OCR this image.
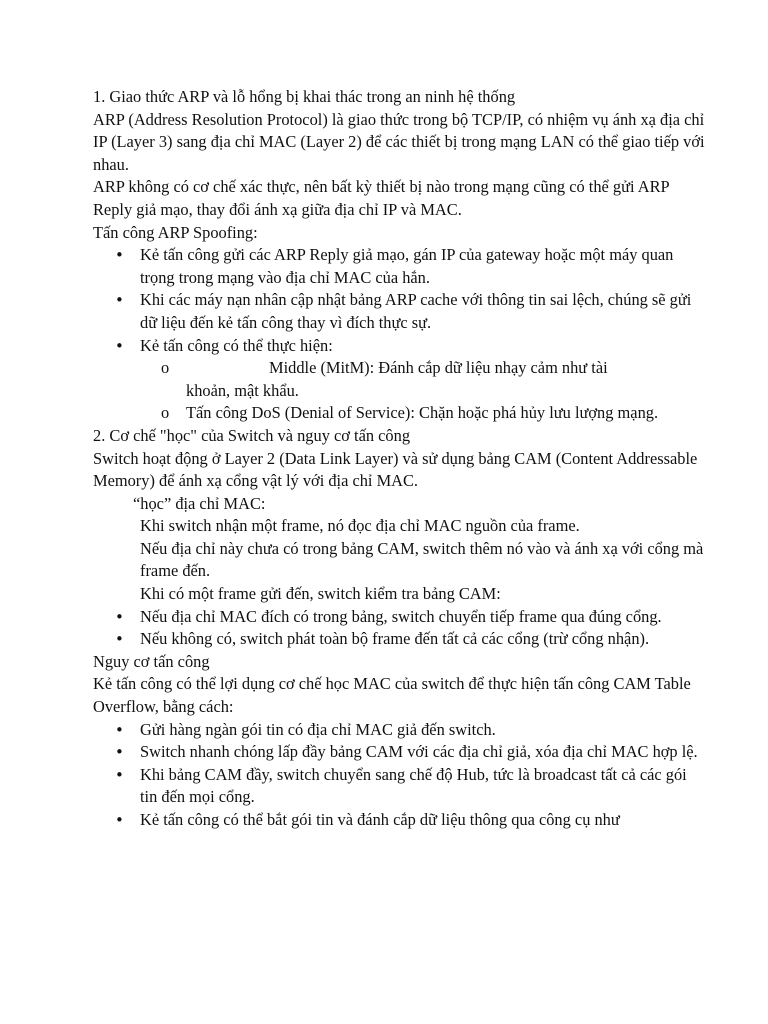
1. Giao thức ARP và lỗ hổng bị khai thác trong an ninh hệ thống

ARP (Address Resolution Protocol) là giao thức trong bộ TCP/IP, có nhiệm vụ ánh xạ địa chỉ IP (Layer 3) sang địa chỉ MAC (Layer 2) để các thiết bị trong mạng LAN có thể giao tiếp với nhau.

ARP không có cơ chế xác thực, nên bất kỳ thiết bị nào trong mạng cũng có thể gửi ARP Reply giả mạo, thay đổi ánh xạ giữa địa chỉ IP và MAC.

Tấn công ARP Spoofing:

• Kẻ tấn công gửi các ARP Reply giả mạo, gán IP của gateway hoặc một máy quan trọng trong mạng vào địa chỉ MAC của hắn.
• Khi các máy nạn nhân cập nhật bảng ARP cache với thông tin sai lệch, chúng sẽ gửi dữ liệu đến kẻ tấn công thay vì đích thực sự.
• Kẻ tấn công có thể thực hiện:
o	Middle (MitM): Đánh cắp dữ liệu nhạy cảm như tài
khoản, mật khẩu.
o Tấn công DoS (Denial of Service): Chặn hoặc phá hủy lưu lượng mạng.

2. Cơ chế "học" của Switch và nguy cơ tấn công

Switch hoạt động ở Layer 2 (Data Link Layer) và sử dụng bảng CAM (Content Addressable Memory) để ánh xạ cổng vật lý với địa chỉ MAC.

“học” địa chỉ MAC:

Khi switch nhận một frame, nó đọc địa chỉ MAC nguồn của frame.

Nếu địa chỉ này chưa có trong bảng CAM, switch thêm nó vào và ánh xạ với cổng mà frame đến.

Khi có một frame gửi đến, switch kiểm tra bảng CAM:

• Nếu địa chỉ MAC đích có trong bảng, switch chuyển tiếp frame qua đúng cổng.
• Nếu không có, switch phát toàn bộ frame đến tất cả các cổng (trừ cổng nhận).

Nguy cơ tấn công

Kẻ tấn công có thể lợi dụng cơ chế học MAC của switch để thực hiện tấn công CAM Table Overflow, bằng cách:

• Gửi hàng ngàn gói tin có địa chỉ MAC giả đến switch.
• Switch nhanh chóng lấp đầy bảng CAM với các địa chỉ giả, xóa địa chỉ MAC hợp lệ.
• Khi bảng CAM đầy, switch chuyển sang chế độ Hub, tức là broadcast tất cả các gói tin đến mọi cổng.
• Kẻ tấn công có thể bắt gói tin và đánh cắp dữ liệu thông qua công cụ như
